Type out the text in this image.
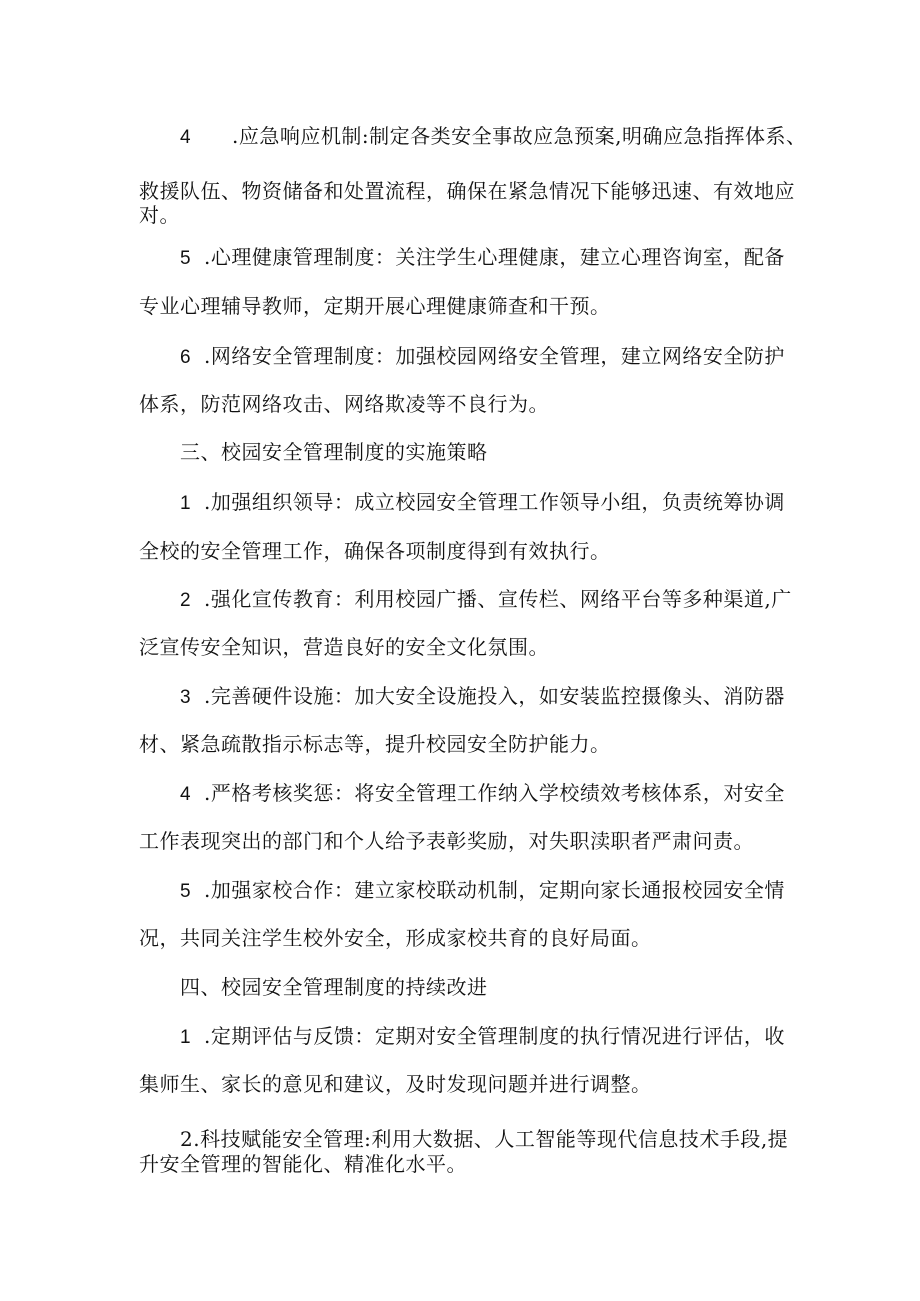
4 .应急响应机制:制定各类安全事故应急预案,明确应急指挥体系、
救援队伍、物资储备和处置流程，确保在紧急情况下能够迅速、有效地应
对。
5 .心理健康管理制度：关注学生心理健康，建立心理咨询室，配备
专业心理辅导教师，定期开展心理健康筛查和干预。
6 .网络安全管理制度：加强校园网络安全管理，建立网络安全防护
体系，防范网络攻击、网络欺凌等不良行为。
三、校园安全管理制度的实施策略
1 .加强组织领导：成立校园安全管理工作领导小组，负责统筹协调
全校的安全管理工作，确保各项制度得到有效执行。
2 .强化宣传教育：利用校园广播、宣传栏、网络平台等多种渠道,广
泛宣传安全知识，营造良好的安全文化氛围。
3 .完善硬件设施：加大安全设施投入，如安装监控摄像头、消防器
材、紧急疏散指示标志等，提升校园安全防护能力。
4 .严格考核奖惩：将安全管理工作纳入学校绩效考核体系，对安全
工作表现突出的部门和个人给予表彰奖励，对失职渎职者严肃问责。
5 .加强家校合作：建立家校联动机制，定期向家长通报校园安全情
况，共同关注学生校外安全，形成家校共育的良好局面。
四、校园安全管理制度的持续改进
1 .定期评估与反馈：定期对安全管理制度的执行情况进行评估，收
集师生、家长的意见和建议，及时发现问题并进行调整。
2.科技赋能安全管理:利用大数据、人工智能等现代信息技术手段,提
升安全管理的智能化、精准化水平。
